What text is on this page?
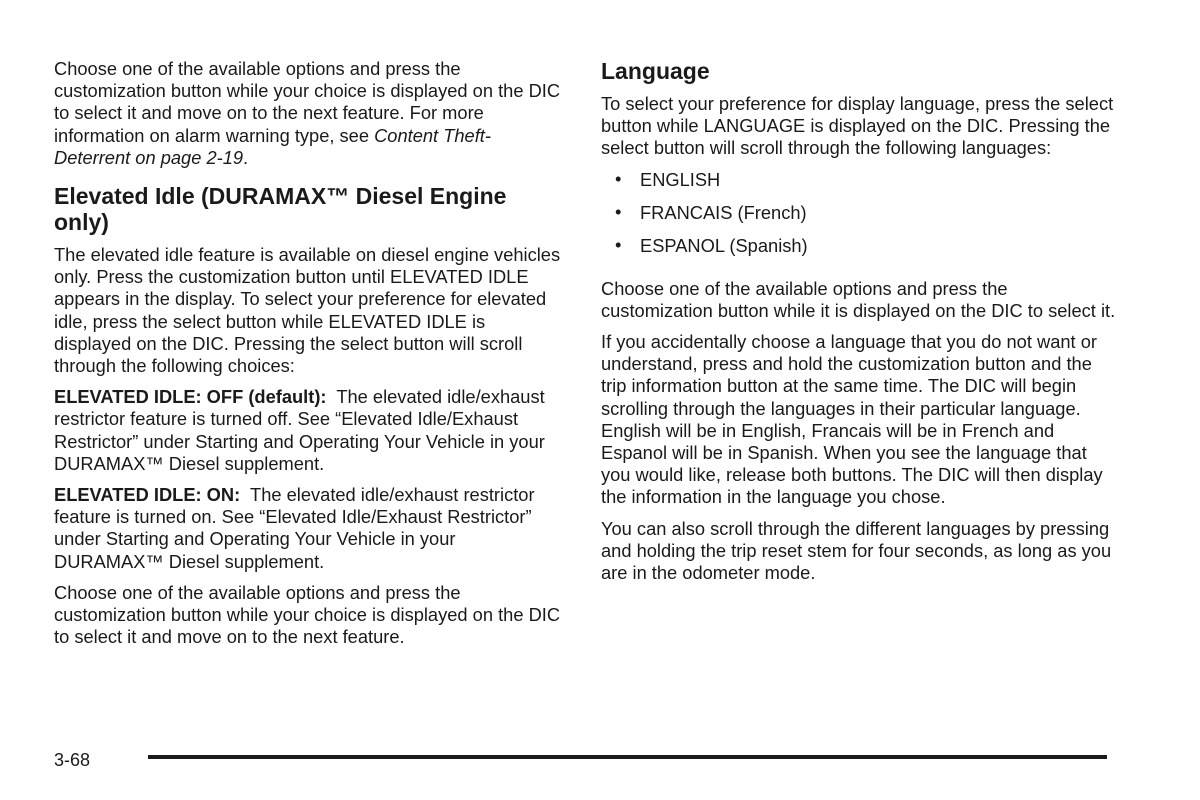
Choose one of the available options and press the customization button while your choice is displayed on the DIC to select it and move on to the next feature. For more information on alarm warning type, see Content Theft-Deterrent on page 2-19.

Elevated Idle (DURAMAX™ Diesel Engine only)

The elevated idle feature is available on diesel engine vehicles only. Press the customization button until ELEVATED IDLE appears in the display. To select your preference for elevated idle, press the select button while ELEVATED IDLE is displayed on the DIC. Pressing the select button will scroll through the following choices:

ELEVATED IDLE: OFF (default): The elevated idle/exhaust restrictor feature is turned off. See “Elevated Idle/Exhaust Restrictor” under Starting and Operating Your Vehicle in your DURAMAX™ Diesel supplement.

ELEVATED IDLE: ON: The elevated idle/exhaust restrictor feature is turned on. See “Elevated Idle/Exhaust Restrictor” under Starting and Operating Your Vehicle in your DURAMAX™ Diesel supplement.

Choose one of the available options and press the customization button while your choice is displayed on the DIC to select it and move on to the next feature.

Language

To select your preference for display language, press the select button while LANGUAGE is displayed on the DIC. Pressing the select button will scroll through the following languages:

• ENGLISH
• FRANCAIS (French)
• ESPANOL (Spanish)

Choose one of the available options and press the customization button while it is displayed on the DIC to select it.

If you accidentally choose a language that you do not want or understand, press and hold the customization button and the trip information button at the same time. The DIC will begin scrolling through the languages in their particular language. English will be in English, Francais will be in French and Espanol will be in Spanish. When you see the language that you would like, release both buttons. The DIC will then display the information in the language you chose.

You can also scroll through the different languages by pressing and holding the trip reset stem for four seconds, as long as you are in the odometer mode.

3-68
